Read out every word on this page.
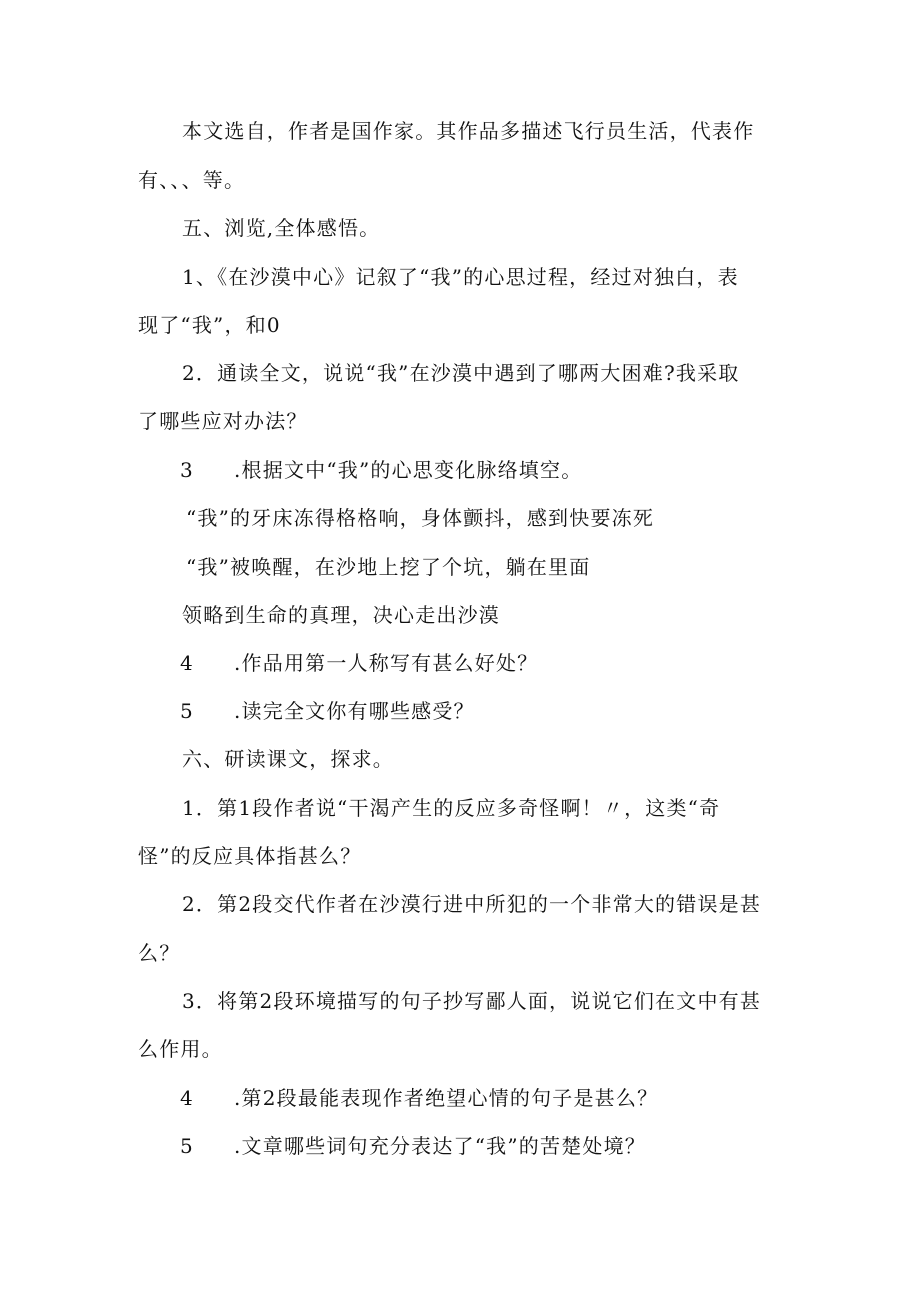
本文选自，作者是国作家。其作品多描述飞行员生活，代表作
有、、、等。
五、浏览,全体感悟。
1、《在沙漠中心》记叙了“我”的心思过程，经过对独白，表
现了“我”，和0
2．通读全文，说说“我”在沙漠中遇到了哪两大困难?我采取
了哪些应对办法？
3 .根据文中“我”的心思变化脉络填空。
“我”的牙床冻得格格响，身体颤抖，感到快要冻死
“我”被唤醒，在沙地上挖了个坑，躺在里面
领略到生命的真理，决心走出沙漠
4 .作品用第一人称写有甚么好处？
5 .读完全文你有哪些感受？
六、研读课文，探求。
1．第1段作者说“干渴产生的反应多奇怪啊！〃，这类“奇
怪”的反应具体指甚么？
2．第2段交代作者在沙漠行进中所犯的一个非常大的错误是甚
么？
3．将第2段环境描写的句子抄写鄙人面，说说它们在文中有甚
么作用。
4 .第2段最能表现作者绝望心情的句子是甚么？
5 .文章哪些词句充分表达了“我”的苦楚处境？
